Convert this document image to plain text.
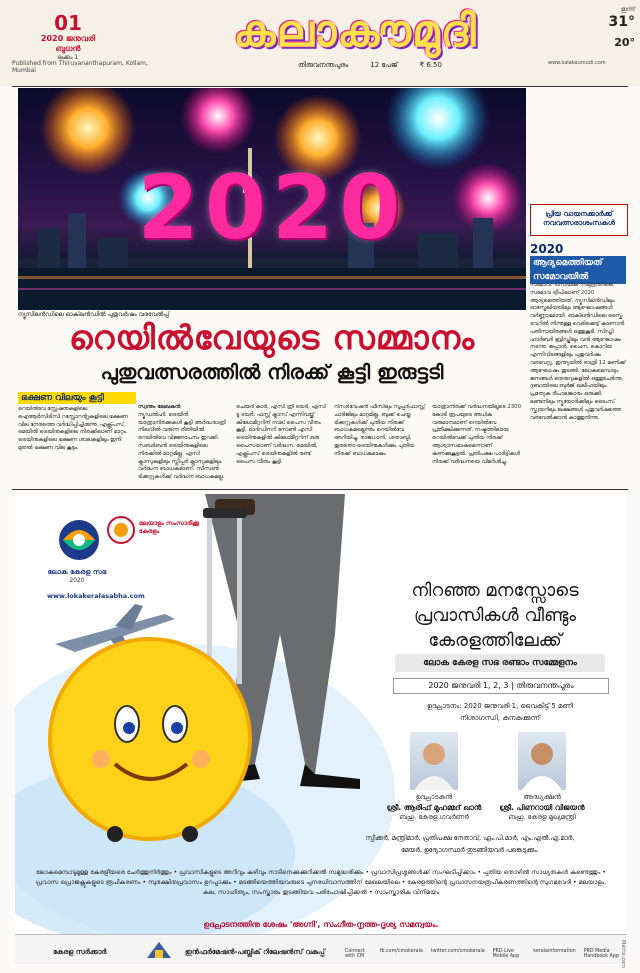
01
2020 ജനുവരി
ബുധൻ
ലക്കം 1
Published from Thiruvananthapuram, Kollam, Mumbai
കലാകൗമുദി
തിരുവനന്തപുരം	12 പേജ്	₹ 6.50
ഇന്ന്
31°
20°
www.kalakaumudi.com
2020
ന്യൂസിലൻഡിലെ ഓക്‌ലൻഡിൽ പുതുവർഷം വരവേൽപ്പ്
പ്രിയ വായനക്കാർക്ക്
നവവത്സരാശംസകൾ
2020
ആദ്യമെത്തിയത്
സമോവയിൽ
സമോവ: പസഫിക് സമുദ്രത്തിലെ സമോവ ദ്വീപിലാണ് 2020 ആദ്യമെത്തിയത്. ന്യൂസിലൻഡിലും ഓസ്ട്രേലിയയിലും ആഘോഷങ്ങൾ വർണ്ണാഭമായി. ഓക്‌ലൻഡിലെ സ്കൈ ടവറിൽ നിന്നുള്ള വെടിക്കെട്ട് കാണാൻ പതിനായിരങ്ങൾ ഒത്തുകൂടി. സിഡ്നി ഹാർബർ ബ്രിഡ്ജിലും വൻ ആഘോഷം നടന്നു. ജപ്പാൻ, ചൈന, കൊറിയ എന്നിവിടങ്ങളിലും പുതുവർഷം വരവേറ്റു. ഇന്ത്യയിൽ രാത്രി 12 മണിക്ക് ആഘോഷം തുടങ്ങി. ലോകമെമ്പാടും ജനങ്ങൾ തെരുവുകളിൽ ഒത്തുചേർന്നു. ദുബായിലെ ബുർജ് ഖലീഫയിലും പ്രത്യേക ദീപാലങ്കാരം ഒരുക്കി. ലണ്ടനിലും ന്യൂയോർക്കിലും ടൈംസ് സ്ക്വയറിലും ലക്ഷങ്ങൾ പുതുവർഷത്തെ വരവേൽക്കാൻ കാത്തുനിന്നു.
റെയിൽവേയുടെ സമ്മാനം
പുതുവത്സരത്തിൽ നിരക്ക് കൂട്ടി ഇരുട്ടടി
ഭക്ഷണ വിലയും കൂട്ടി
റെയിൽവേ സ്റ്റേഷനുകളിലെ ഐആർസിടിസി റസ്റ്റോറന്റുകളിലെ ഭക്ഷണ വില നേരത്തെ വർദ്ധിപ്പിച്ചിരുന്നു. എക്സ്പ്രസ്, മെയിൽ ട്രെയിനുകളിലെ നിരക്കിലാണ് മാറ്റം. ട്രെയിനുകളിലെ ഭക്ഷണ ശാലകളിലും ഇനി മുതൽ ഭക്ഷണ വില കൂടും.
സ്വന്തം ലേഖകൻ
ന്യൂഡൽഹി: ട്രെയിൻ യാത്രാനിരക്കുകൾ കൂട്ടി അർദ്ധരാത്രി നിലവിൽ വരുന്ന രീതിയിൽ റെയിൽവേ വിജ്ഞാപനം ഇറക്കി. സബർബൻ ട്രെയിനുകളിലെ നിരക്കിൽ മാറ്റമില്ല. എസി ക്ലാസുകളിലും സ്ലീപ്പർ ക്ലാസുകളിലും വർദ്ധന ബാധകമാണ്. സീസൺ ടിക്കറ്റുകൾക്ക് വർദ്ധന ബാധകമല്ല.
ചെയർ കാർ, എസി ത്രീ ടയർ, എസി ടൂ ടയർ, ഫസ്റ്റ് ക്ലാസ് എന്നിവയ്ക്ക് കിലോമീറ്ററിന് നാല് പൈസ വീതം കൂട്ടി. ഓർഡിനറി നോൺ എസി ട്രെയിനുകളിൽ കിലോമീറ്ററിന് ഒരു പൈസയാണ് വർദ്ധന. മെയിൽ, എക്സ്പ്രസ് ട്രെയിനുകളിൽ രണ്ട് പൈസ വീതം കൂട്ടി.
റിസർവേഷൻ ഫീസിലും സൂപ്പർഫാസ്റ്റ് ചാർജിലും മാറ്റമില്ല. ബുക്ക് ചെയ്ത ടിക്കറ്റുകൾക്ക് പുതിയ നിരക്ക് ബാധകമല്ലെന്നും റെയിൽവേ അറിയിച്ചു. രാജധാനി, ശതാബ്ദി, തുരന്തോ ട്രെയിനുകൾക്കും പുതിയ നിരക്ക് ബാധകമാകും.
യാത്രാനിരക്ക് വർദ്ധനയിലൂടെ 2300 കോടി രൂപയുടെ അധിക വരുമാനമാണ് റെയിൽവേ പ്രതീക്ഷിക്കുന്നത്. നഷ്ടത്തിലായ റെയിൽവേക്ക് പുതിയ നിരക്ക് ആശ്വാസമാകുമെന്നാണ് കണക്കുകൂട്ടൽ. പ്രതിപക്ഷ പാർട്ടികൾ നിരക്ക് വർദ്ധനയെ വിമർശിച്ചു.
ലോക കേരള സഭ
2020
മലയാളം സംസാരിക്കൂ കേരളം
www.lokakeralasabha.com	നിറഞ്ഞ മനസ്സോടെ പ്രവാസികൾ വീണ്ടും കേരളത്തിലേക്ക്
ലോക കേരള സഭ രണ്ടാം സമ്മേളനം
2020 ജനുവരി 1, 2, 3 | തിരുവനന്തപുരം
ഉദ്ഘാടനം: 2020 ജനുവരി 1, വൈകിട്ട് 5 മണി
നിശാഗന്ധി, കനകക്കുന്ന്
ഉദ്ഘാടകൻ
ശ്രീ. ആരിഫ് മുഹമ്മദ് ഖാൻ
ബഹു. കേരള ഗവർണർ
അദ്ധ്യക്ഷൻ
ശ്രീ. പിണറായി വിജയൻ
ബഹു. കേരള മുഖ്യമന്ത്രി
സ്പീക്കർ, മന്ത്രിമാർ, പ്രതിപക്ഷ നേതാവ്, എം.പി.മാർ, എം.എൽ.എ.മാർ,
മേയർ, ഉദ്യോഗസ്ഥർ തുടങ്ങിയവർ പങ്കെടുക്കും.
ലോകമെമ്പാടുമുള്ള കേരളീയരെ ചേർത്തുനിർത്തും • പ്രവാസികളുടെ അറിവും കഴിവും നാടിനെക്കുക്കുറിക്കൽ സമുദ്ധരിക്കും • പ്രവാസിപ്രശ്നങ്ങൾക്ക് സംഘടിപ്പിക്കാം • പുതിയ തൊഴിൽ സാധ്യതകൾ കണ്ടെത്തും • പ്രവാസ പ്രൊജക്റ്റുകളുടെ രൂപീകരണം • സുരക്ഷിതപ്രവാസം ഉറപ്പാക്കും • മടങ്ങിയെത്തിയവരുടെ പുനരധിവാസത്തിന് മേഖലയിലെ • കേരളത്തിന്റെ പ്രവാസനയരൂപീകരണത്തിന്റെ സുഗമവേദി • മലയാളം, കല, സാഹിത്യം, സംസ്കാരം തുടങ്ങിയവ പരിപോഷിപ്പിക്കൽ • സാംസ്കാരിക വിനിമയം
ഉദ്ഘാടനത്തിനു ശേഷം 'അഗ്നി', സംഗീത-നൃത്ത-ദൃശ്യ സമന്വയം.
കേരള സർക്കാർ	ഇൻഫർമേഷൻ-പബ്ലിക് റിലേഷൻസ് വകുപ്പ്	Connect with CM
fb.com/cmokerala twitter.com/cmokerala PRD Live Mobile App
keralainformation PRD Media Handbook App Matrix.com
